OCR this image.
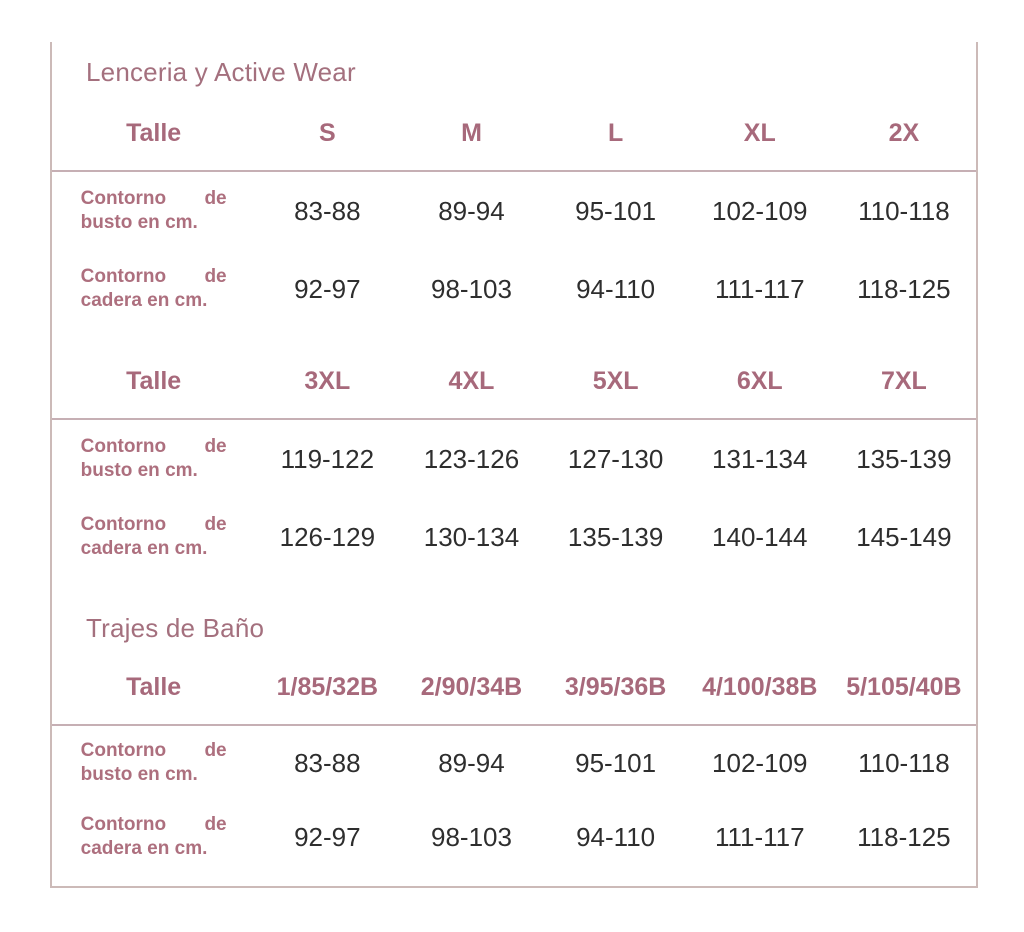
Lenceria y Active Wear
Talle	S	M	L	XL	2X
Contorno de busto en cm.	83-88	89-94	95-101	102-109	110-118
Contorno de cadera en cm.	92-97	98-103	94-110	111-117	118-125
Talle	3XL	4XL	5XL	6XL	7XL
Contorno de busto en cm.	119-122	123-126	127-130	131-134	135-139
Contorno de cadera en cm.	126-129	130-134	135-139	140-144	145-149
Trajes de Baño
Talle	1/85/32B	2/90/34B	3/95/36B	4/100/38B	5/105/40B
Contorno de busto en cm.	83-88	89-94	95-101	102-109	110-118
Contorno de cadera en cm.	92-97	98-103	94-110	111-117	118-125
